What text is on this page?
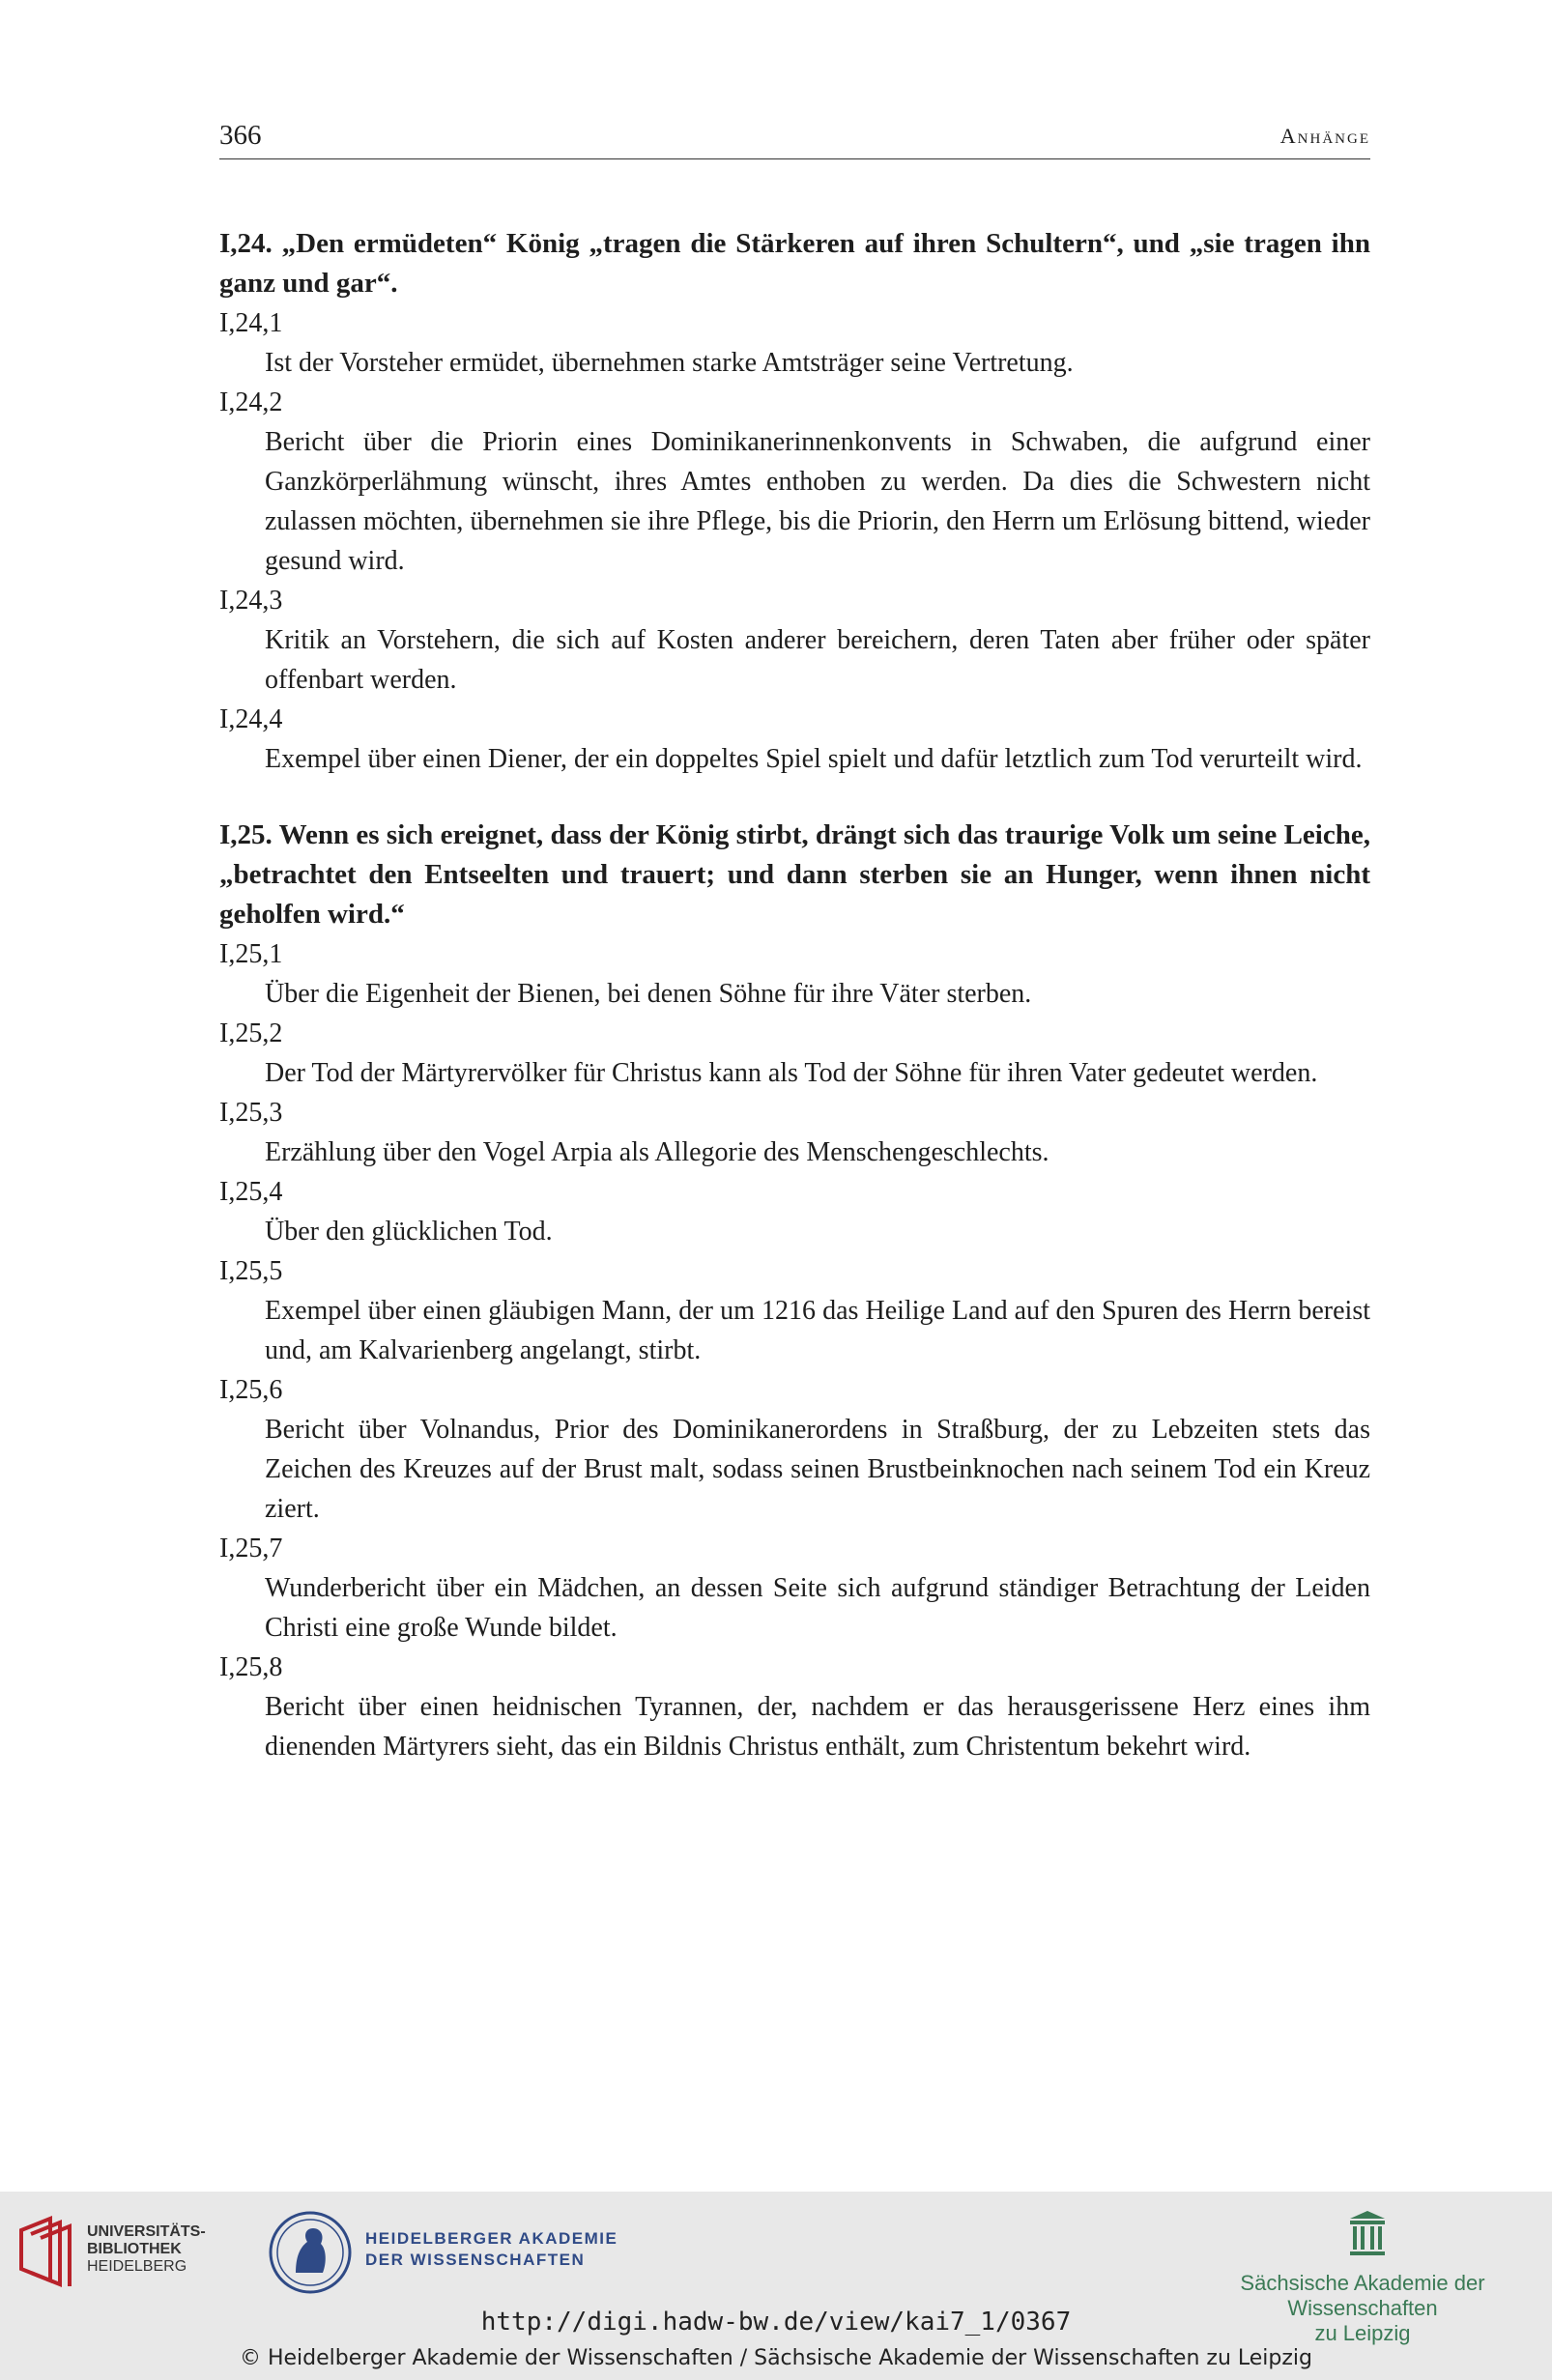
366	Anhänge

I,24. „Den ermüdeten“ König „tragen die Stärkeren auf ihren Schultern“, und „sie tragen ihn ganz und gar“.

I,24,1

Ist der Vorsteher ermüdet, übernehmen starke Amtsträger seine Vertretung.

I,24,2

Bericht über die Priorin eines Dominikanerinnenkonvents in Schwaben, die aufgrund einer Ganzkörperlähmung wünscht, ihres Amtes enthoben zu werden. Da dies die Schwestern nicht zulassen möchten, übernehmen sie ihre Pflege, bis die Priorin, den Herrn um Erlösung bittend, wieder gesund wird.

I,24,3

Kritik an Vorstehern, die sich auf Kosten anderer bereichern, deren Taten aber früher oder später offenbart werden.

I,24,4

Exempel über einen Diener, der ein doppeltes Spiel spielt und dafür letztlich zum Tod verurteilt wird.

I,25. Wenn es sich ereignet, dass der König stirbt, drängt sich das traurige Volk um seine Leiche, „betrachtet den Entseelten und trauert; und dann sterben sie an Hunger, wenn ihnen nicht geholfen wird.“

I,25,1

Über die Eigenheit der Bienen, bei denen Söhne für ihre Väter sterben.

I,25,2

Der Tod der Märtyrervölker für Christus kann als Tod der Söhne für ihren Vater gedeutet werden.

I,25,3

Erzählung über den Vogel Arpia als Allegorie des Menschengeschlechts.

I,25,4

Über den glücklichen Tod.

I,25,5

Exempel über einen gläubigen Mann, der um 1216 das Heilige Land auf den Spuren des Herrn bereist und, am Kalvarienberg angelangt, stirbt.

I,25,6

Bericht über Volnandus, Prior des Dominikanerordens in Straßburg, der zu Lebzeiten stets das Zeichen des Kreuzes auf der Brust malt, sodass seinen Brustbeinknochen nach seinem Tod ein Kreuz ziert.

I,25,7

Wunderbericht über ein Mädchen, an dessen Seite sich aufgrund ständiger Betrachtung der Leiden Christi eine große Wunde bildet.

I,25,8

Bericht über einen heidnischen Tyrannen, der, nachdem er das herausgerissene Herz eines ihm dienenden Märtyrers sieht, das ein Bildnis Christus enthält, zum Christentum bekehrt wird.

UNIVERSITÄTS-
BIBLIOTHEK
HEIDELBERG
HEIDELBERGER AKADEMIE
DER WISSENSCHAFTEN
Sächsische Akademie der Wissenschaften
zu Leipzig
http://digi.hadw-bw.de/view/kai7_1/0367
© Heidelberger Akademie der Wissenschaften / Sächsische Akademie der Wissenschaften zu Leipzig
